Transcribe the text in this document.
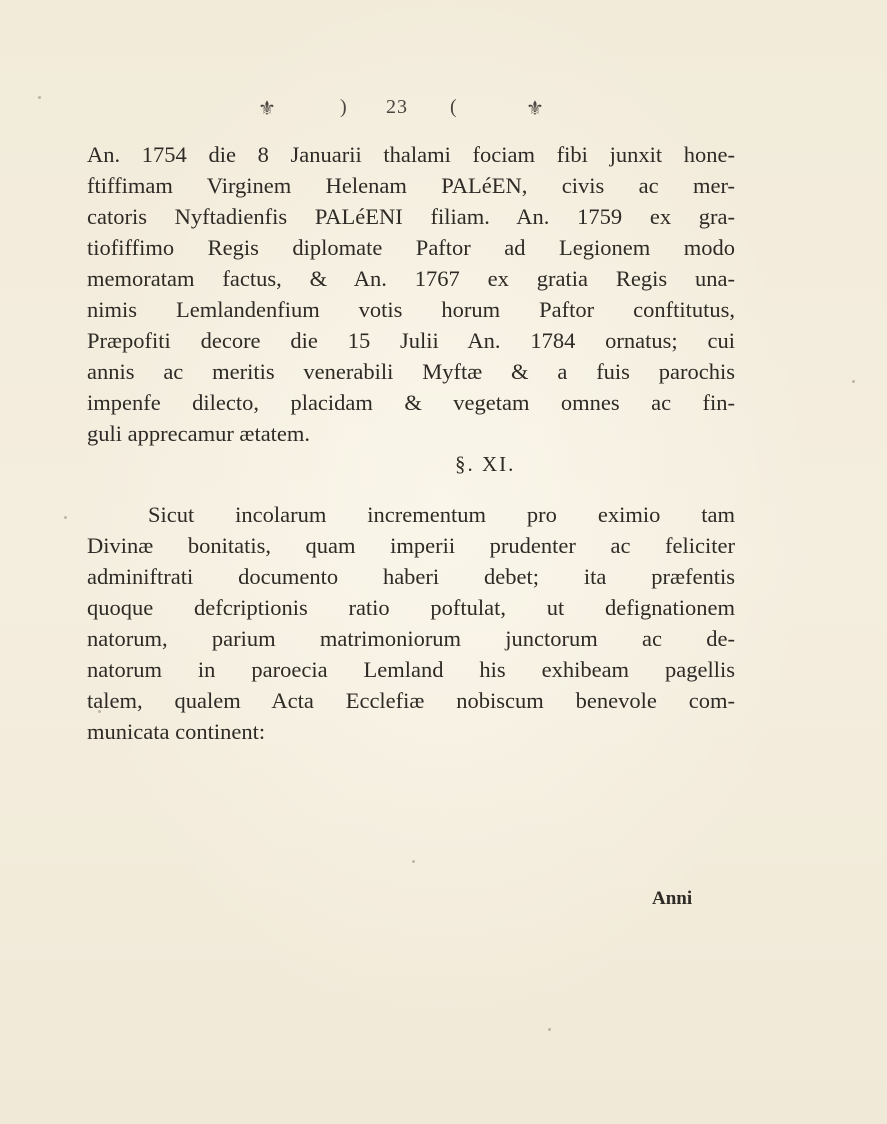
⚜	) 23 (	⚜
An. 1754 die 8 Januarii thalami fociam fibi junxit hone-
ftiffimam Virginem Helenam PALéEN, civis ac mer-
catoris Nyftadienfis PALéENI filiam. An. 1759 ex gra-
tiofiffimo Regis diplomate Paftor ad Legionem modo
memoratam factus, & An. 1767 ex gratia Regis una-
nimis Lemlandenfium votis horum Paftor conftitutus,
Præpofiti decore die 15 Julii An. 1784 ornatus; cui
annis ac meritis venerabili Myftæ & a fuis parochis
impenfe dilecto, placidam & vegetam omnes ac fin-
guli apprecamur ætatem.
§. XI.
Sicut incolarum incrementum pro eximio tam
Divinæ bonitatis, quam imperii prudenter ac feliciter
adminiftrati documento haberi debet; ita præfentis
quoque defcriptionis ratio poftulat, ut defignationem
natorum, parium matrimoniorum junctorum ac de-
natorum in paroecia Lemland his exhibeam pagellis
talem, qualem Acta Ecclefiæ nobiscum benevole com-
municata continent:
Anni
